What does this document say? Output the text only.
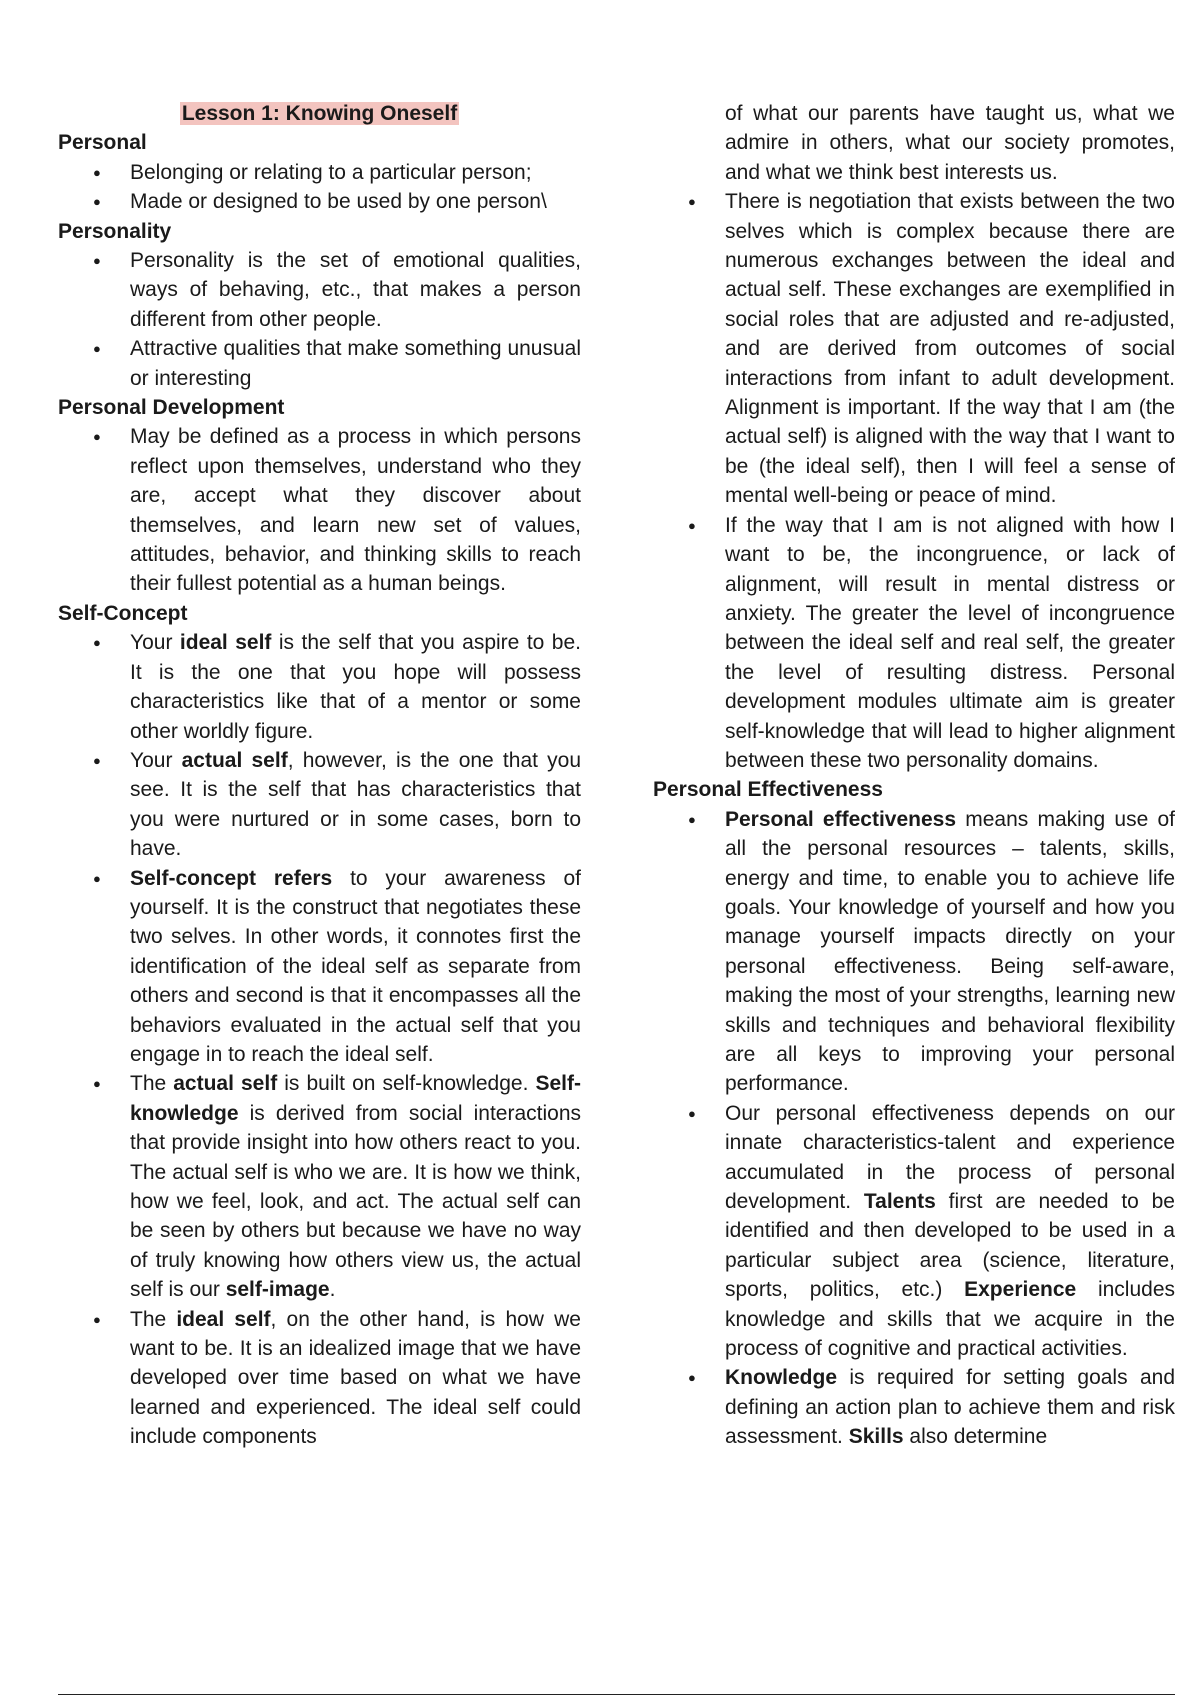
Lesson 1: Knowing Oneself
Personal
● Belonging or relating to a particular person;
● Made or designed to be used by one person\
Personality
● Personality is the set of emotional qualities, ways of behaving, etc., that makes a person different from other people.
● Attractive qualities that make something unusual or interesting
Personal Development
● May be defined as a process in which persons reflect upon themselves, understand who they are, accept what they discover about themselves, and learn new set of values, attitudes, behavior, and thinking skills to reach their fullest potential as a human beings.
Self-Concept
● Your ideal self is the self that you aspire to be. It is the one that you hope will possess characteristics like that of a mentor or some other worldly figure.
● Your actual self, however, is the one that you see. It is the self that has characteristics that you were nurtured or in some cases, born to have.
● Self-concept refers to your awareness of yourself. It is the construct that negotiates these two selves. In other words, it connotes first the identification of the ideal self as separate from others and second is that it encompasses all the behaviors evaluated in the actual self that you engage in to reach the ideal self.
● The actual self is built on self-knowledge. Self-knowledge is derived from social interactions that provide insight into how others react to you. The actual self is who we are. It is how we think, how we feel, look, and act. The actual self can be seen by others but because we have no way of truly knowing how others view us, the actual self is our self-image.
● The ideal self, on the other hand, is how we want to be. It is an idealized image that we have developed over time based on what we have learned and experienced. The ideal self could include components
of what our parents have taught us, what we admire in others, what our society promotes, and what we think best interests us.
● There is negotiation that exists between the two selves which is complex because there are numerous exchanges between the ideal and actual self. These exchanges are exemplified in social roles that are adjusted and re-adjusted, and are derived from outcomes of social interactions from infant to adult development. Alignment is important. If the way that I am (the actual self) is aligned with the way that I want to be (the ideal self), then I will feel a sense of mental well-being or peace of mind.
● If the way that I am is not aligned with how I want to be, the incongruence, or lack of alignment, will result in mental distress or anxiety. The greater the level of incongruence between the ideal self and real self, the greater the level of resulting distress. Personal development modules ultimate aim is greater self-knowledge that will lead to higher alignment between these two personality domains.
Personal Effectiveness
● Personal effectiveness means making use of all the personal resources – talents, skills, energy and time, to enable you to achieve life goals. Your knowledge of yourself and how you manage yourself impacts directly on your personal effectiveness. Being self-aware, making the most of your strengths, learning new skills and techniques and behavioral flexibility are all keys to improving your personal performance.
● Our personal effectiveness depends on our innate characteristics-talent and experience accumulated in the process of personal development. Talents first are needed to be identified and then developed to be used in a particular subject area (science, literature, sports, politics, etc.) Experience includes knowledge and skills that we acquire in the process of cognitive and practical activities.
● Knowledge is required for setting goals and defining an action plan to achieve them and risk assessment. Skills also determine
